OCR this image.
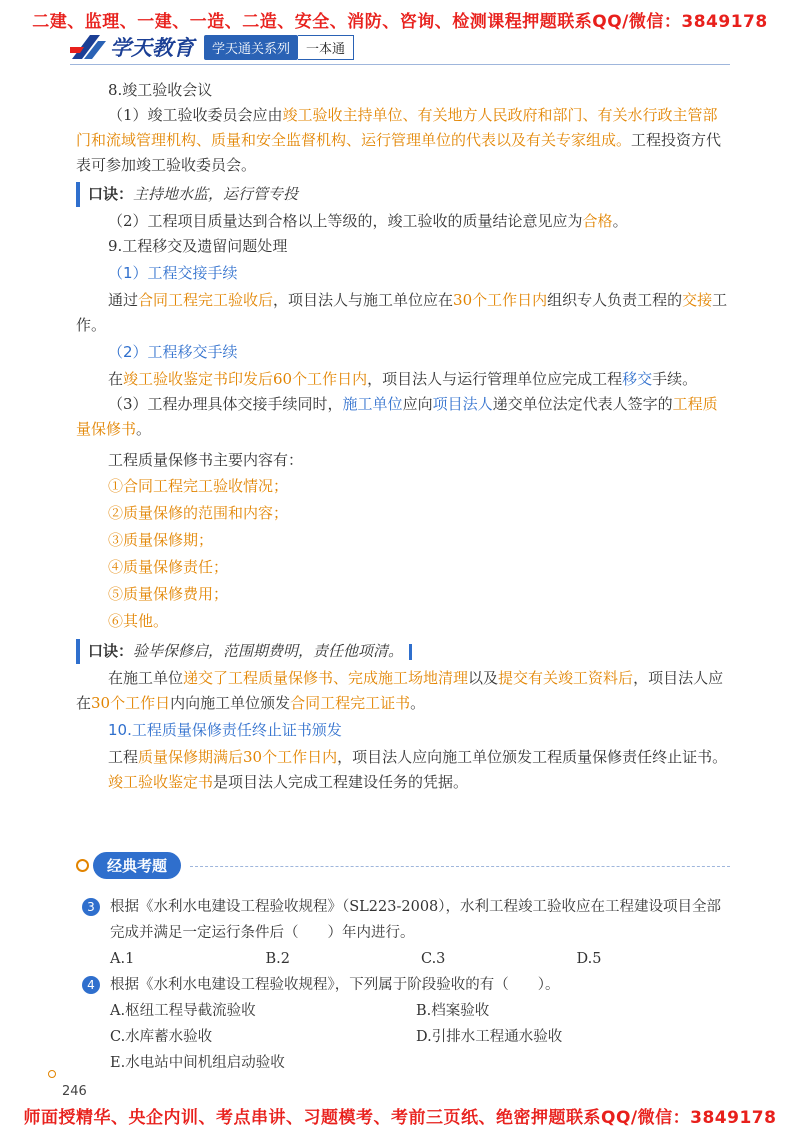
二建、监理、一建、一造、二造、安全、消防、咨询、检测课程押题联系QQ/微信：3849178
学天教育	学天通关系列	一本通

8.竣工验收会议

（1）竣工验收委员会应由竣工验收主持单位、有关地方人民政府和部门、有关水行政主管部门和流域管理机构、质量和安全监督机构、运行管理单位的代表以及有关专家组成。工程投资方代表可参加竣工验收委员会。

口诀：主持地水监，运行管专投

（2）工程项目质量达到合格以上等级的，竣工验收的质量结论意见应为合格。

9.工程移交及遗留问题处理

（1）工程交接手续

通过合同工程完工验收后，项目法人与施工单位应在30个工作日内组织专人负责工程的交接工作。

（2）工程移交手续

在竣工验收鉴定书印发后60个工作日内，项目法人与运行管理单位应完成工程移交手续。

（3）工程办理具体交接手续同时，施工单位应向项目法人递交单位法定代表人签字的工程质量保修书。

工程质量保修书主要内容有：

①合同工程完工验收情况；

②质量保修的范围和内容；

③质量保修期；

④质量保修责任；

⑤质量保修费用；

⑥其他。

口诀：验毕保修启，范围期费明，责任他项清。

在施工单位递交了工程质量保修书、完成施工场地清理以及提交有关竣工资料后，项目法人应在30个工作日内向施工单位颁发合同工程完工证书。

10.工程质量保修责任终止证书颁发

工程质量保修期满后30个工作日内，项目法人应向施工单位颁发工程质量保修责任终止证书。

竣工验收鉴定书是项目法人完成工程建设任务的凭据。

经典考题
3	根据《水利水电建设工程验收规程》（SL223-2008），水利工程竣工验收应在工程建设项目全部完成并满足一定运行条件后（　　）年内进行。
A.1	B.2	C.3	D.5
4	根据《水利水电建设工程验收规程》，下列属于阶段验收的有（　　）。
A.枢纽工程导截流验收	B.档案验收
C.水库蓄水验收	D.引排水工程通水验收
E.水电站中间机组启动验收
246
师面授精华、央企内训、考点串讲、习题模考、考前三页纸、绝密押题联系QQ/微信：3849178
